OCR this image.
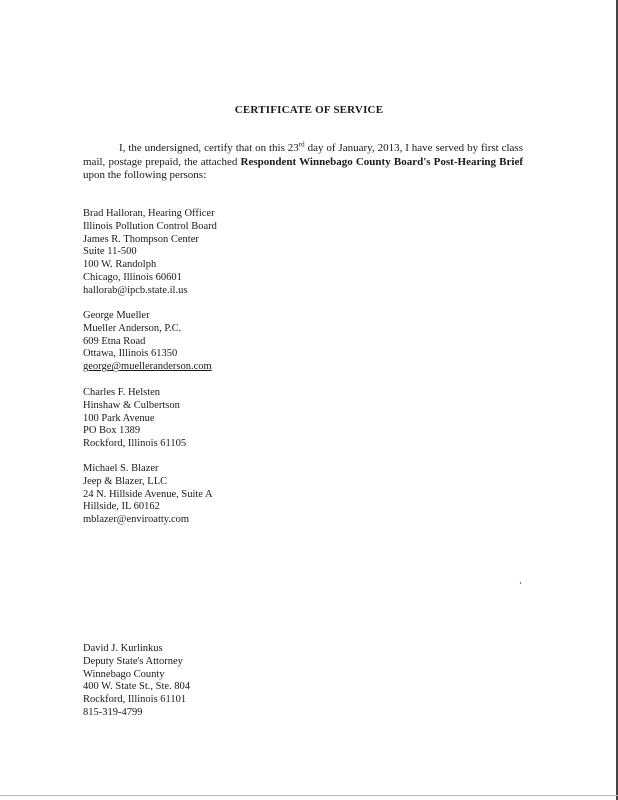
CERTIFICATE OF SERVICE
I, the undersigned, certify that on this 23rd day of January, 2013, I have served by first class mail, postage prepaid, the attached Respondent Winnebago County Board's Post-Hearing Brief upon the following persons:
Brad Halloran, Hearing Officer
Illinois Pollution Control Board
James R. Thompson Center
Suite 11-500
100 W. Randolph
Chicago, Illinois 60601
hallorab@ipcb.state.il.us
George Mueller
Mueller Anderson, P.C.
609 Etna Road
Ottawa, Illinois 61350
george@muelleranderson.com
Charles F. Helsten
Hinshaw & Culbertson
100 Park Avenue
PO Box 1389
Rockford, Illinois 61105
Michael S. Blazer
Jeep & Blazer, LLC
24 N. Hillside Avenue, Suite A
Hillside, IL 60162
mblazer@enviroatty.com
‘
David J. Kurlinkus
Deputy State's Attorney
Winnebago County
400 W. State St., Ste. 804
Rockford, Illinois 61101
815-319-4799
